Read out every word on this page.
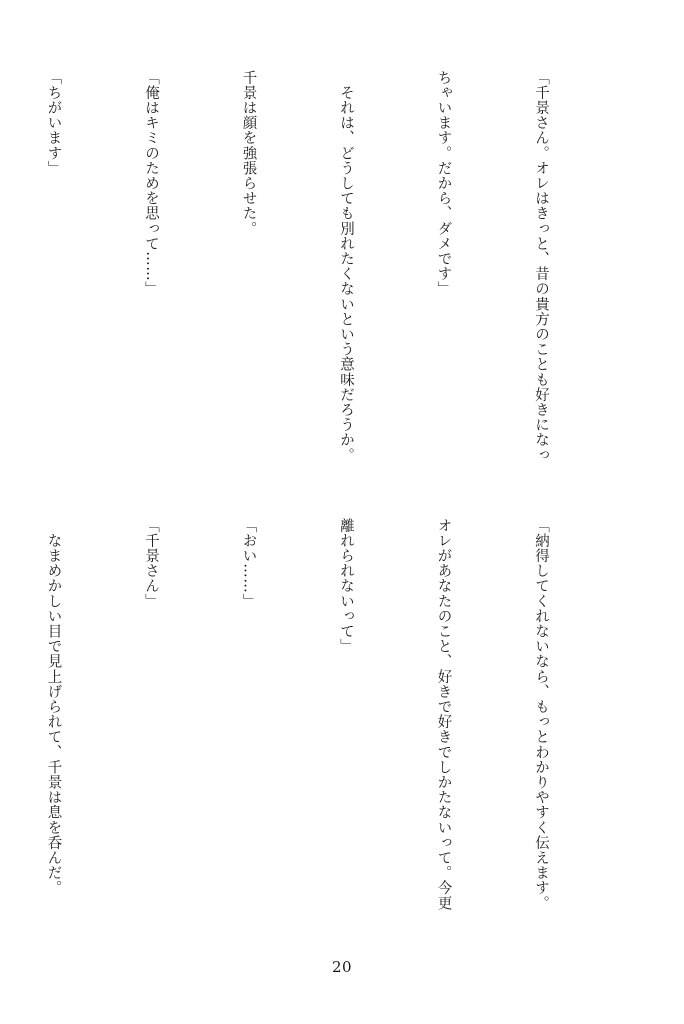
「千景さん。オレはきっと、昔の貴方のことも好きになっ

ちゃいます。だから、ダメです」

　それは、どうしても別れたくないという意味だろうか。

千景は顔を強張らせた。

「俺はキミのためを思って……」

「ちがいます」

「納得してくれないなら、もっとわかりやすく伝えます。

オレがあなたのこと、好きで好きでしかたないって。今更

離れられないって」

「おい……」

「千景さん」

　なまめかしい目で見上げられて、千景は息を呑んだ。

20
